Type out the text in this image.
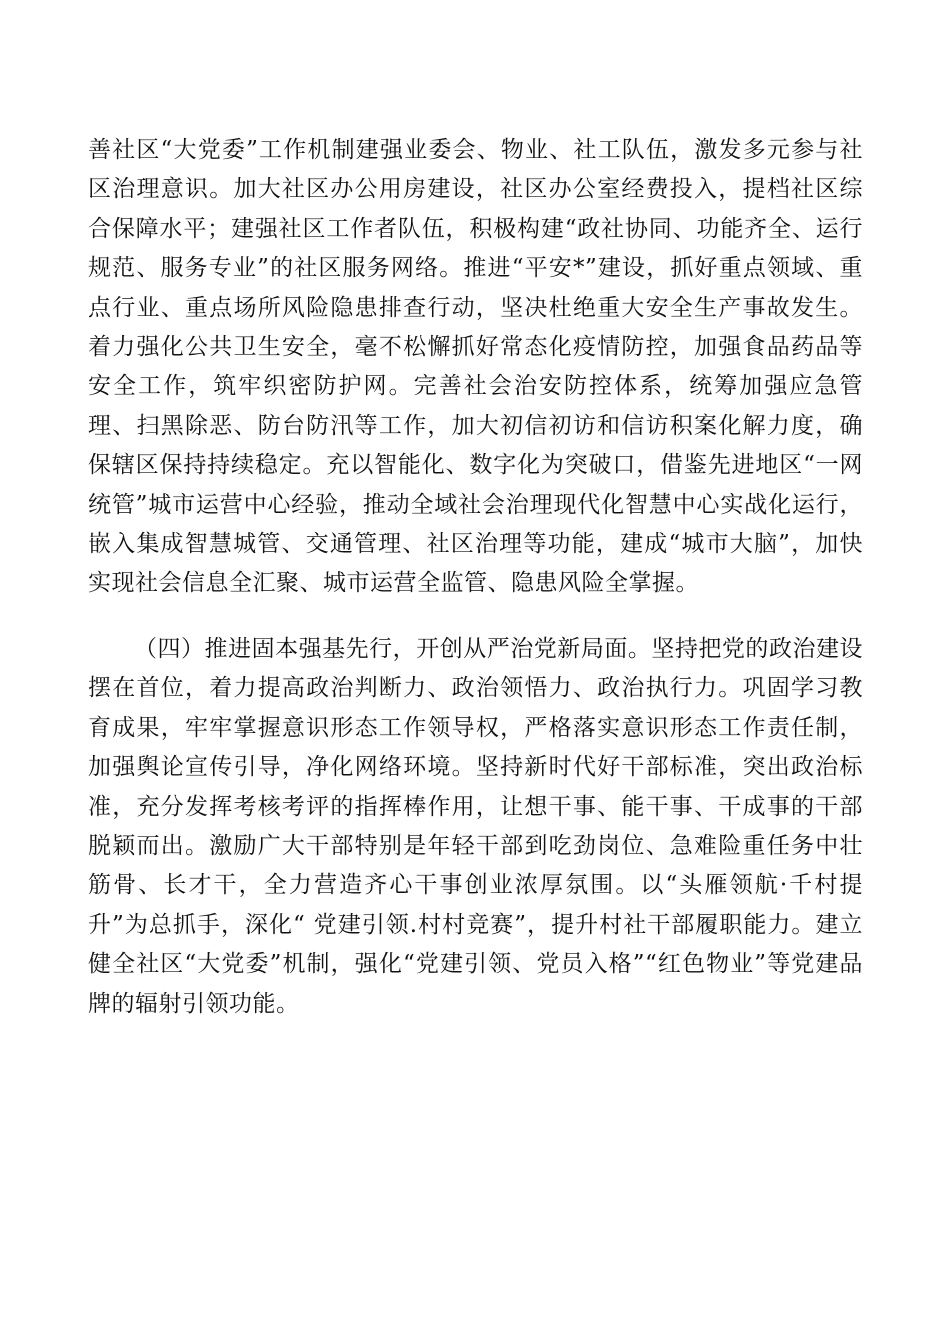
善社区“大党委”工作机制建强业委会、物业、社工队伍，激发多元参与社区治理意识。加大社区办公用房建设，社区办公室经费投入，提档社区综合保障水平；建强社区工作者队伍，积极构建“政社协同、功能齐全、运行规范、服务专业”的社区服务网络。推进“平安*”建设，抓好重点领域、重点行业、重点场所风险隐患排查行动，坚决杜绝重大安全生产事故发生。着力强化公共卫生安全，毫不松懈抓好常态化疫情防控，加强食品药品等安全工作，筑牢织密防护网。完善社会治安防控体系，统筹加强应急管理、扫黑除恶、防台防汛等工作，加大初信初访和信访积案化解力度，确保辖区保持持续稳定。充以智能化、数字化为突破口，借鉴先进地区“一网统管”城市运营中心经验，推动全域社会治理现代化智慧中心实战化运行，嵌入集成智慧城管、交通管理、社区治理等功能，建成“城市大脑”，加快实现社会信息全汇聚、城市运营全监管、隐患风险全掌握。

（四）推进固本强基先行，开创从严治党新局面。坚持把党的政治建设摆在首位，着力提高政治判断力、政治领悟力、政治执行力。巩固学习教育成果，牢牢掌握意识形态工作领导权，严格落实意识形态工作责任制，加强舆论宣传引导，净化网络环境。坚持新时代好干部标准，突出政治标准，充分发挥考核考评的指挥棒作用，让想干事、能干事、干成事的干部脱颖而出。激励广大干部特别是年轻干部到吃劲岗位、急难险重任务中壮筋骨、长才干，全力营造齐心干事创业浓厚氛围。以“头雁领航·千村提升”为总抓手，深化“ 党建引领.村村竞赛”，提升村社干部履职能力。建立健全社区“大党委”机制，强化“党建引领、党员入格”“红色物业”等党建品牌的辐射引领功能。
